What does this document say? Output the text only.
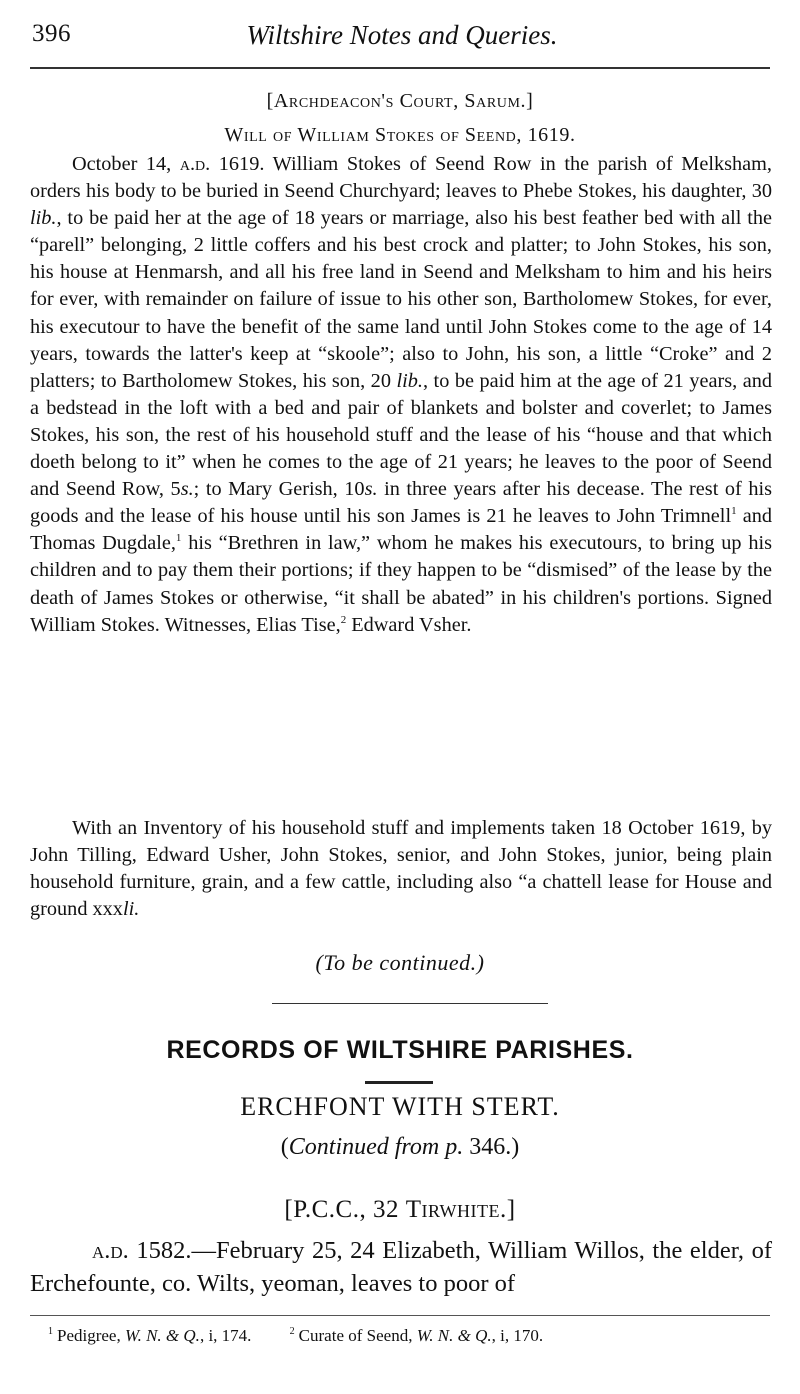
396	Wiltshire Notes and Queries.
[Archdeacon's Court, Sarum.]
Will of William Stokes of Seend, 1619.

October 14, a.d. 1619. William Stokes of Seend Row in the parish of Melksham, orders his body to be buried in Seend Churchyard; leaves to Phebe Stokes, his daughter, 30 lib., to be paid her at the age of 18 years or marriage, also his best feather bed with all the “parell” belonging, 2 little coffers and his best crock and platter; to John Stokes, his son, his house at Henmarsh, and all his free land in Seend and Melksham to him and his heirs for ever, with remainder on failure of issue to his other son, Bartholomew Stokes, for ever, his executour to have the benefit of the same land until John Stokes come to the age of 14 years, towards the latter's keep at “skoole”; also to John, his son, a little “Croke” and 2 platters; to Bartholomew Stokes, his son, 20 lib., to be paid him at the age of 21 years, and a bedstead in the loft with a bed and pair of blankets and bolster and coverlet; to James Stokes, his son, the rest of his household stuff and the lease of his “house and that which doeth belong to it” when he comes to the age of 21 years; he leaves to the poor of Seend and Seend Row, 5s.; to Mary Gerish, 10s. in three years after his decease. The rest of his goods and the lease of his house until his son James is 21 he leaves to John Trimnell$^1$ and Thomas Dugdale,$^1$ his “Brethren in law,” whom he makes his executours, to bring up his children and to pay them their portions; if they happen to be “dismised” of the lease by the death of James Stokes or otherwise, “it shall be abated” in his children's portions. Signed William Stokes. Witnesses, Elias Tise,$^2$ Edward Vsher.

With an Inventory of his household stuff and implements taken 18 October 1619, by John Tilling, Edward Usher, John Stokes, senior, and John Stokes, junior, being plain household furniture, grain, and a few cattle, including also “a chattell lease for House and ground xxxli.

(To be continued.)
RECORDS OF WILTSHIRE PARISHES.
ERCHFONT WITH STERT.
(Continued from p. 346.)
[P.C.C., 32 Tirwhite.]

a.d. 1582.—February 25, 24 Elizabeth, William Willos, the elder, of Erchefounte, co. Wilts, yeoman, leaves to poor of

$^1$ Pedigree, W. N. & Q., i, 174.	$^2$ Curate of Seend, W. N. & Q., i, 170.
